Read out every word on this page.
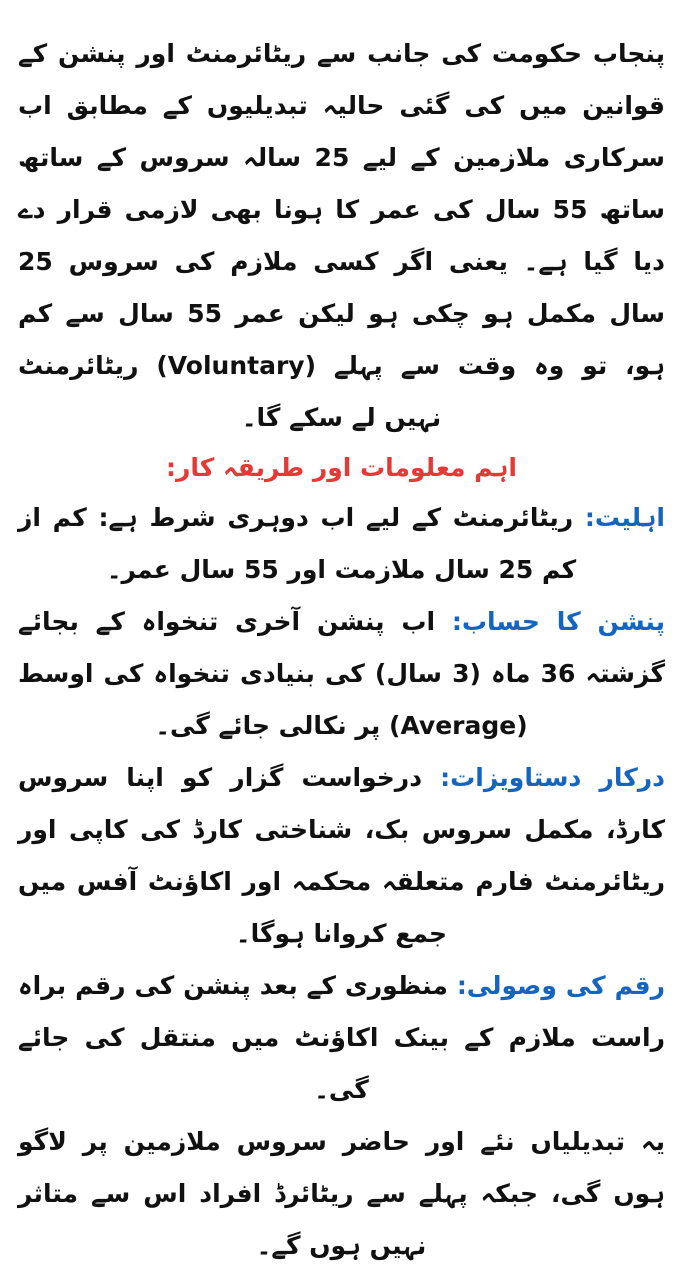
پنجاب حکومت کی جانب سے ریٹائرمنٹ اور پنشن کے قوانین میں کی گئی حالیہ تبدیلیوں کے مطابق اب سرکاری ملازمین کے لیے 25 سالہ سروس کے ساتھ ساتھ 55 سال کی عمر کا ہونا بھی لازمی قرار دے دیا گیا ہے۔ یعنی اگر کسی ملازم کی سروس 25 سال مکمل ہو چکی ہو لیکن عمر 55 سال سے کم ہو، تو وہ وقت سے پہلے (Voluntary) ریٹائرمنٹ نہیں لے سکے گا۔

اہم معلومات اور طریقہ کار:

اہلیت: ریٹائرمنٹ کے لیے اب دوہری شرط ہے: کم از کم 25 سال ملازمت اور 55 سال عمر۔

پنشن کا حساب: اب پنشن آخری تنخواہ کے بجائے گزشتہ 36 ماہ (3 سال) کی بنیادی تنخواہ کی اوسط (Average) پر نکالی جائے گی۔

درکار دستاویزات: درخواست گزار کو اپنا سروس کارڈ، مکمل سروس بک، شناختی کارڈ کی کاپی اور ریٹائرمنٹ فارم متعلقہ محکمہ اور اکاؤنٹ آفس میں جمع کروانا ہوگا۔

رقم کی وصولی: منظوری کے بعد پنشن کی رقم براہ راست ملازم کے بینک اکاؤنٹ میں منتقل کی جائے گی۔

یہ تبدیلیاں نئے اور حاضر سروس ملازمین پر لاگو ہوں گی، جبکہ پہلے سے ریٹائرڈ افراد اس سے متاثر نہیں ہوں گے۔
